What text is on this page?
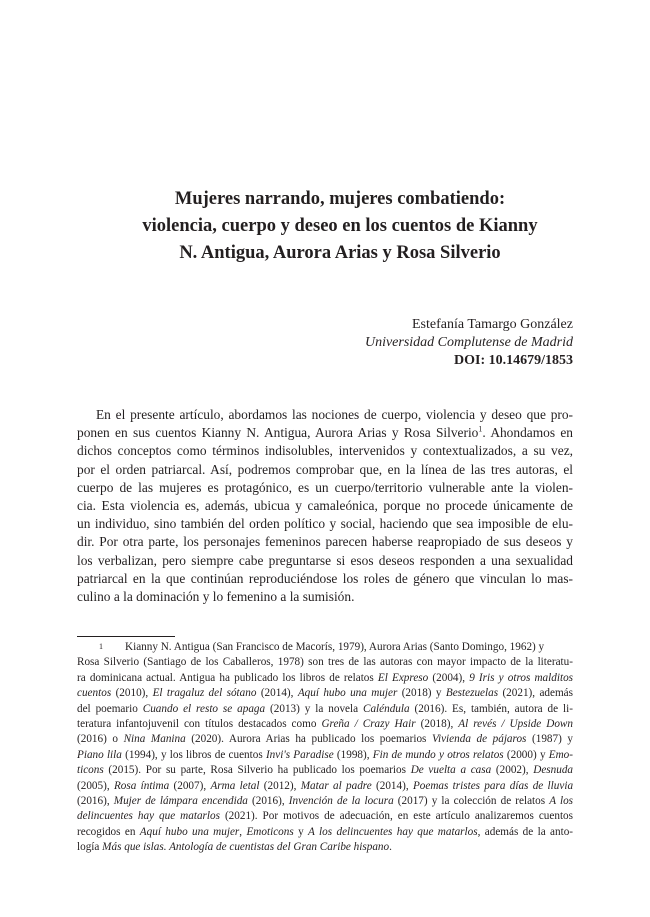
Mujeres narrando, mujeres combatiendo:
violencia, cuerpo y deseo en los cuentos de Kianny
N. Antigua, Aurora Arias y Rosa Silverio
Estefanía Tamargo González
Universidad Complutense de Madrid
DOI: 10.14679/1853
En el presente artículo, abordamos las nociones de cuerpo, violencia y deseo que pro-
ponen en sus cuentos Kianny N. Antigua, Aurora Arias y Rosa Silverio$^1$. Ahondamos en
dichos conceptos como términos indisolubles, intervenidos y contextualizados, a su vez,
por el orden patriarcal. Así, podremos comprobar que, en la línea de las tres autoras, el
cuerpo de las mujeres es protagónico, es un cuerpo/territorio vulnerable ante la violen-
cia. Esta violencia es, además, ubicua y camaleónica, porque no procede únicamente de
un individuo, sino también del orden político y social, haciendo que sea imposible de elu-
dir. Por otra parte, los personajes femeninos parecen haberse reapropiado de sus deseos y
los verbalizan, pero siempre cabe preguntarse si esos deseos responden a una sexualidad
patriarcal en la que continúan reproduciéndose los roles de género que vinculan lo mas-
culino a la dominación y lo femenino a la sumisión.
1 Kianny N. Antigua (San Francisco de Macorís, 1979), Aurora Arias (Santo Domingo, 1962) y
Rosa Silverio (Santiago de los Caballeros, 1978) son tres de las autoras con mayor impacto de la literatu-
ra dominicana actual. Antigua ha publicado los libros de relatos El Expreso (2004), 9 Iris y otros malditos
cuentos (2010), El tragaluz del sótano (2014), Aquí hubo una mujer (2018) y Bestezuelas (2021), además
del poemario Cuando el resto se apaga (2013) y la novela Caléndula (2016). Es, también, autora de li-
teratura infantojuvenil con títulos destacados como Greña / Crazy Hair (2018), Al revés / Upside Down
(2016) o Nina Manina (2020). Aurora Arias ha publicado los poemarios Vivienda de pájaros (1987) y
Piano lila (1994), y los libros de cuentos Invi's Paradise (1998), Fin de mundo y otros relatos (2000) y Emo-
ticons (2015). Por su parte, Rosa Silverio ha publicado los poemarios De vuelta a casa (2002), Desnuda
(2005), Rosa íntima (2007), Arma letal (2012), Matar al padre (2014), Poemas tristes para días de lluvia
(2016), Mujer de lámpara encendida (2016), Invención de la locura (2017) y la colección de relatos A los
delincuentes hay que matarlos (2021). Por motivos de adecuación, en este artículo analizaremos cuentos
recogidos en Aquí hubo una mujer, Emoticons y A los delincuentes hay que matarlos, además de la anto-
logía Más que islas. Antología de cuentistas del Gran Caribe hispano.
